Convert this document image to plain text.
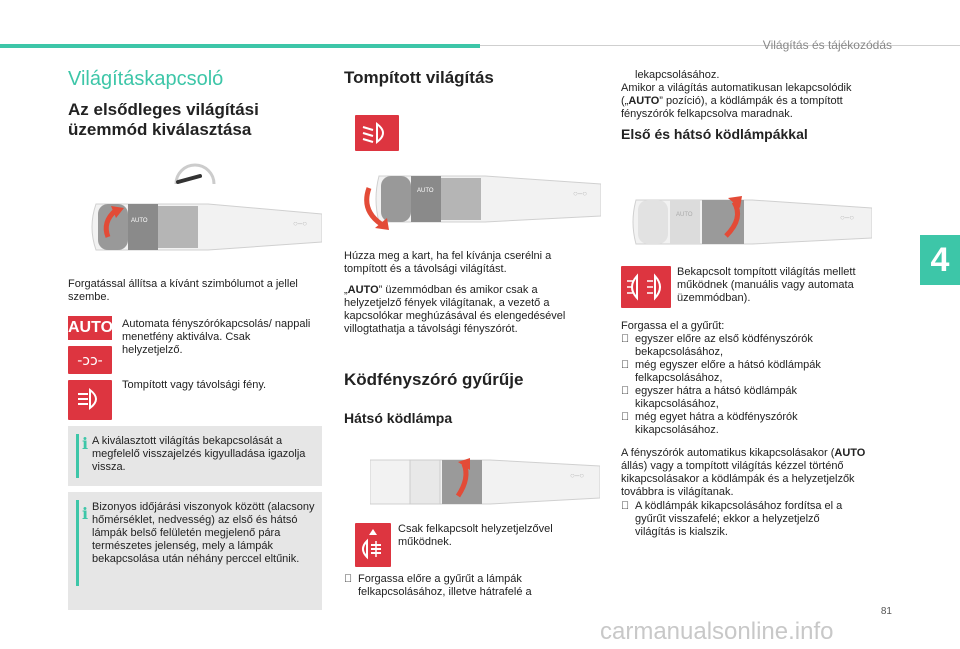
Világítás és tájékozódás
4
Világításkapcsoló
Az elsődleges világítási üzemmód kiválasztása
AUTO	○–○
Forgatással állítsa a kívánt szimbólumot a jellel szembe.
AUTO Automata fényszórókapcsolás/ nappali menetfény aktiválva. Csak helyzetjelző.
‑ↄↄ‑
Tompított vagy távolsági fény.
i A kiválasztott világítás bekapcsolását a megfelelő visszajelzés kigyulladása igazolja vissza.
i Bizonyos időjárási viszonyok között (alacsony hőmérséklet, nedvesség) az első és hátsó lámpák belső felületén megjelenő pára természetes jelenség, mely a lámpák bekapcsolása után néhány perccel eltűnik.
Tompított világítás
AUTO	○–○
Húzza meg a kart, ha fel kívánja cserélni a tompított és a távolsági világítást.
„AUTO” üzemmódban és amikor csak a helyzetjelző fények világítanak, a vezető a kapcsolókar meghúzásával és elengedésével villogtathatja a távolsági fényszórót.
Ködfényszóró gyűrűje
Hátsó ködlámpa
○–○
Csak felkapcsolt helyzetjelzővel működnek.
Forgassa előre a gyűrűt a lámpák felkapcsolásához, illetve hátrafelé a
lekapcsolásához.
Amikor a világítás automatikusan lekapcsolódik („AUTO” pozíció), a ködlámpák és a tompított fényszórók felkapcsolva maradnak.
Első és hátsó ködlámpákkal
AUTO	○–○
Bekapcsolt tompított világítás mellett működnek (manuális vagy automata üzemmódban).
Forgassa el a gyűrűt:
egyszer előre az első ködfényszórók bekapcsolásához,
még egyszer előre a hátsó ködlámpák felkapcsolásához,
egyszer hátra a hátsó ködlámpák kikapcsolásához,
még egyet hátra a ködfényszórók kikapcsolásához.
A fényszórók automatikus kikapcsolásakor (AUTO állás) vagy a tompított világítás kézzel történő kikapcsolásakor a ködlámpák és a helyzetjelzők továbbra is világítanak.
A ködlámpák kikapcsolásához fordítsa el a gyűrűt visszafelé; ekkor a helyzetjelző világítás is kialszik.
81
carmanualsonline.info
